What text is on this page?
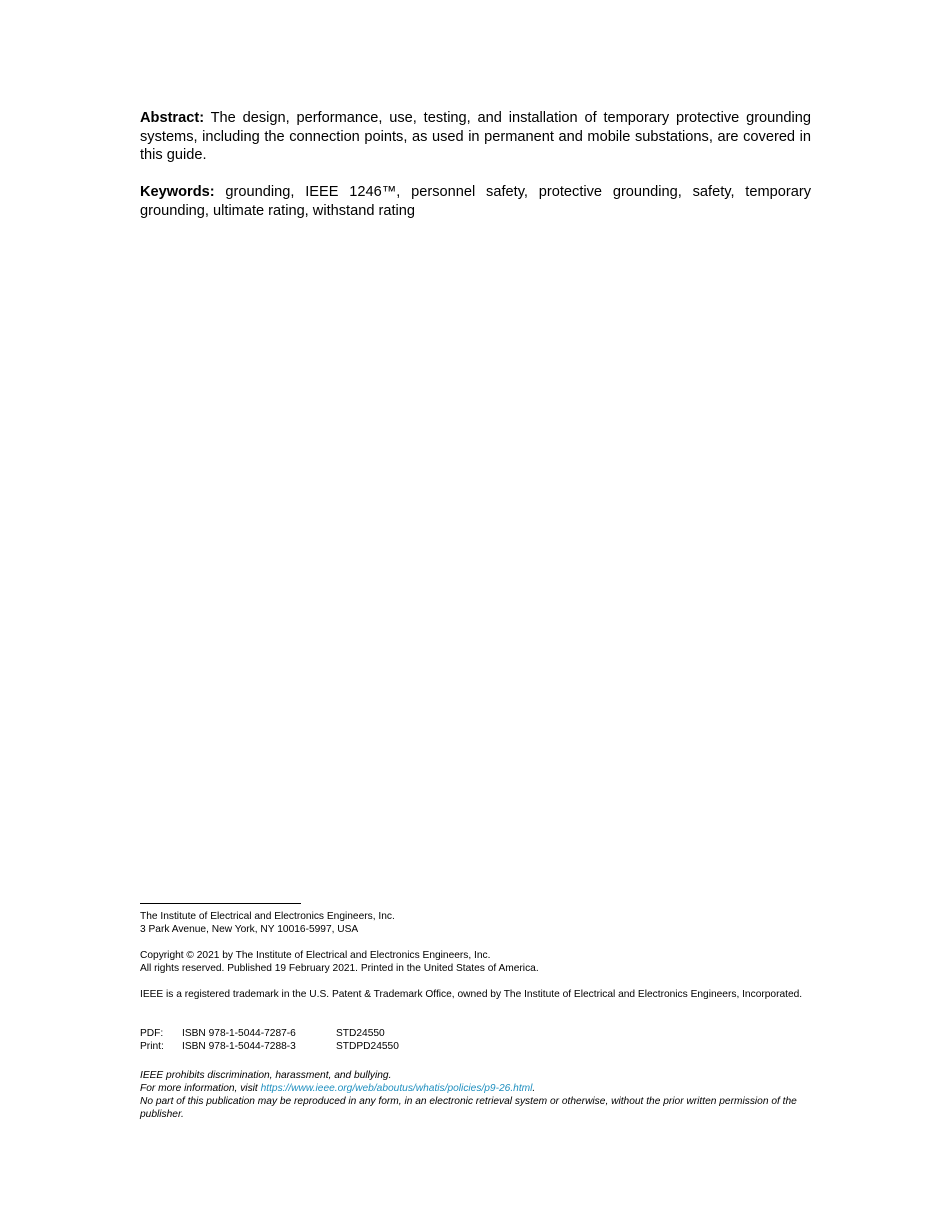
Abstract: The design, performance, use, testing, and installation of temporary protective grounding systems, including the connection points, as used in permanent and mobile substations, are covered in this guide.

Keywords: grounding, IEEE 1246™, personnel safety, protective grounding, safety, temporary grounding, ultimate rating, withstand rating

The Institute of Electrical and Electronics Engineers, Inc.

3 Park Avenue, New York, NY 10016-5997, USA

Copyright © 2021 by The Institute of Electrical and Electronics Engineers, Inc.

All rights reserved. Published 19 February 2021. Printed in the United States of America.

IEEE is a registered trademark in the U.S. Patent & Trademark Office, owned by The Institute of Electrical and Electronics Engineers, Incorporated.

PDF:	ISBN 978-1-5044-7287-6	STD24550
Print:	ISBN 978-1-5044-7288-3	STDPD24550

IEEE prohibits discrimination, harassment, and bullying.

For more information, visit https://www.ieee.org/web/aboutus/whatis/policies/p9-26.html.

No part of this publication may be reproduced in any form, in an electronic retrieval system or otherwise, without the prior written permission of the publisher.
